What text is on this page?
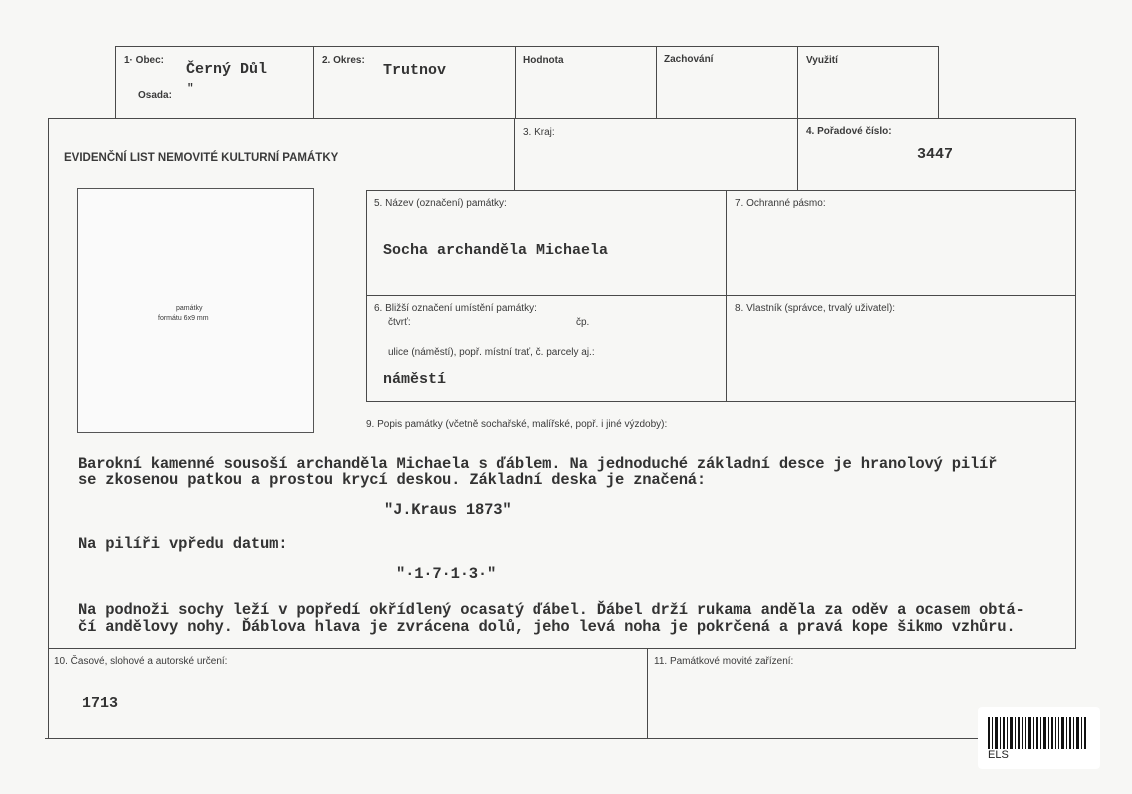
1· Obec:
Černý Důl
Osada:
"
2. Okres:
Trutnov
Hodnota	Zachování	Využití
EVIDENČNÍ LIST NEMOVITÉ KULTURNÍ PAMÁTKY
3. Kraj:	4. Pořadové číslo:
3447
památky
formátu 6x9 mm
5. Název (označení) památky:
Socha archanděla Michaela
7. Ochranné pásmo:
6. Bližší označení umístění památky:
čtvrť:	čp.
ulice (náměstí), popř. místní trať, č. parcely aj.:
náměstí
8. Vlastník (správce, trvalý uživatel):
9. Popis památky (včetně sochařské, malířské, popř. i jiné výzdoby):
Barokní kamenné sousoší archanděla Michaela s ďáblem. Na jednoduché základní desce je hranolový pilíř
se zkosenou patkou a prostou krycí deskou. Základní deska je značená:
"J.Kraus 1873"
Na pilíři vpředu datum:
"·1·7·1·3·"
Na podnoži sochy leží v popředí okřídlený ocasatý ďábel. Ďábel drží rukama anděla za oděv a ocasem obtá-
čí andělovy nohy. Ďáblova hlava je zvrácena dolů, jeho levá noha je pokrčená a pravá kope šikmo vzhůru.
10. Časové, slohové a autorské určení:
1713
11. Památkové movité zařízení:
ELS
